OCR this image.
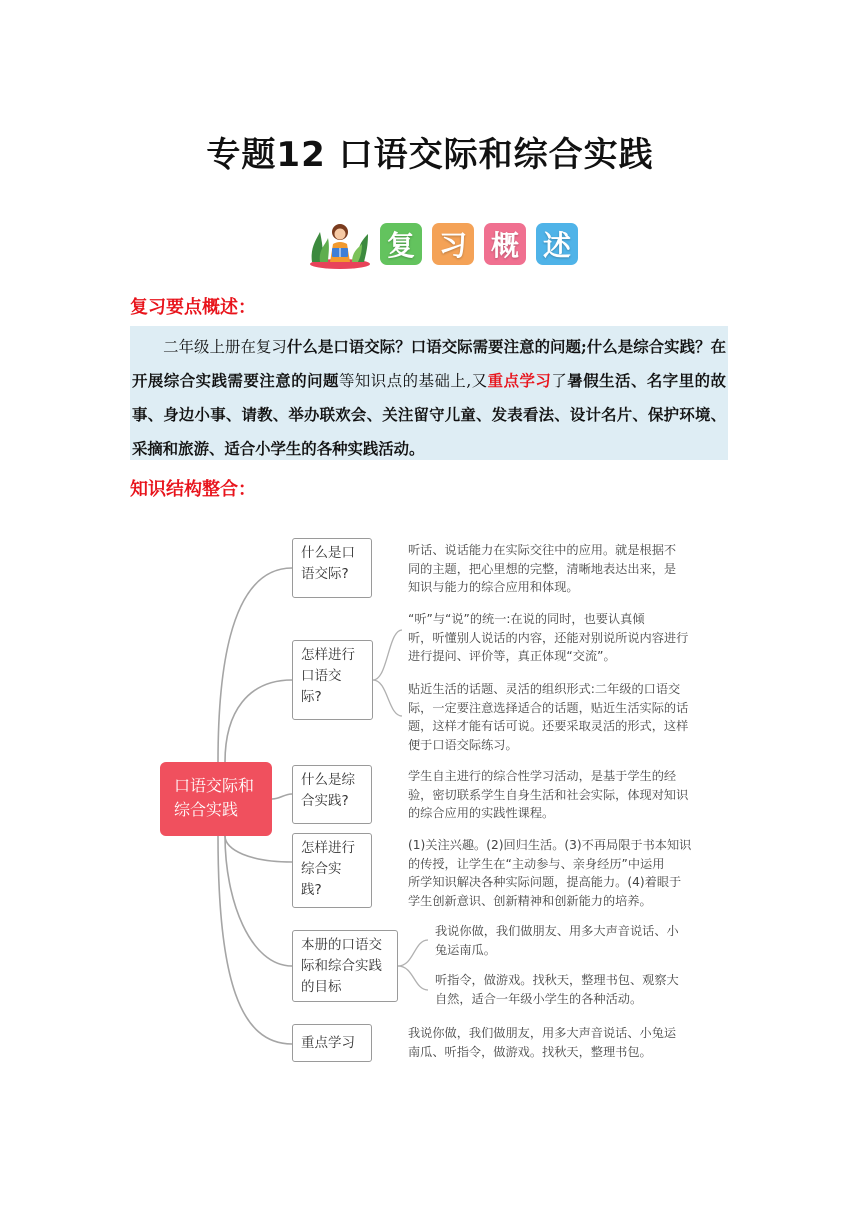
专题12 口语交际和综合实践
复 习 概 述
复习要点概述：
二年级上册在复习什么是口语交际？口语交际需要注意的问题;什么是综合实践？在开展综合实践需要注意的问题等知识点的基础上,又重点学习了暑假生活、名字里的故事、身边小事、请教、举办联欢会、关注留守儿童、发表看法、设计名片、保护环境、采摘和旅游、适合小学生的各种实践活动。
知识结构整合：
口语交际和
综合实践
什么是口
语交际?
听话、说话能力在实际交往中的应用。就是根据不
同的主题，把心里想的完整，清晰地表达出来，是
知识与能力的综合应用和体现。
怎样进行
口语交
际?
“听”与“说”的统一:在说的同时，也要认真倾
听，听懂别人说话的内容，还能对别说所说内容进行
进行提问、评价等，真正体现“交流”。
贴近生活的话题、灵活的组织形式:二年级的口语交
际，一定要注意选择适合的话题，贴近生活实际的话
题，这样才能有话可说。还要采取灵活的形式，这样
便于口语交际练习。
什么是综
合实践?
学生自主进行的综合性学习活动，是基于学生的经
验，密切联系学生自身生活和社会实际，体现对知识
的综合应用的实践性课程。
怎样进行
综合实
践?
(1)关注兴趣。(2)回归生活。(3)不再局限于书本知识
的传授，让学生在“主动参与、亲身经历”中运用
所学知识解决各种实际问题，提高能力。(4)着眼于
学生创新意识、创新精神和创新能力的培养。
本册的口语交
际和综合实践
的目标
我说你做，我们做朋友、用多大声音说话、小
兔运南瓜。
听指令，做游戏。找秋天，整理书包、观察大
自然，适合一年级小学生的各种活动。
重点学习
我说你做，我们做朋友，用多大声音说话、小兔运
南瓜、听指令，做游戏。找秋天，整理书包。
